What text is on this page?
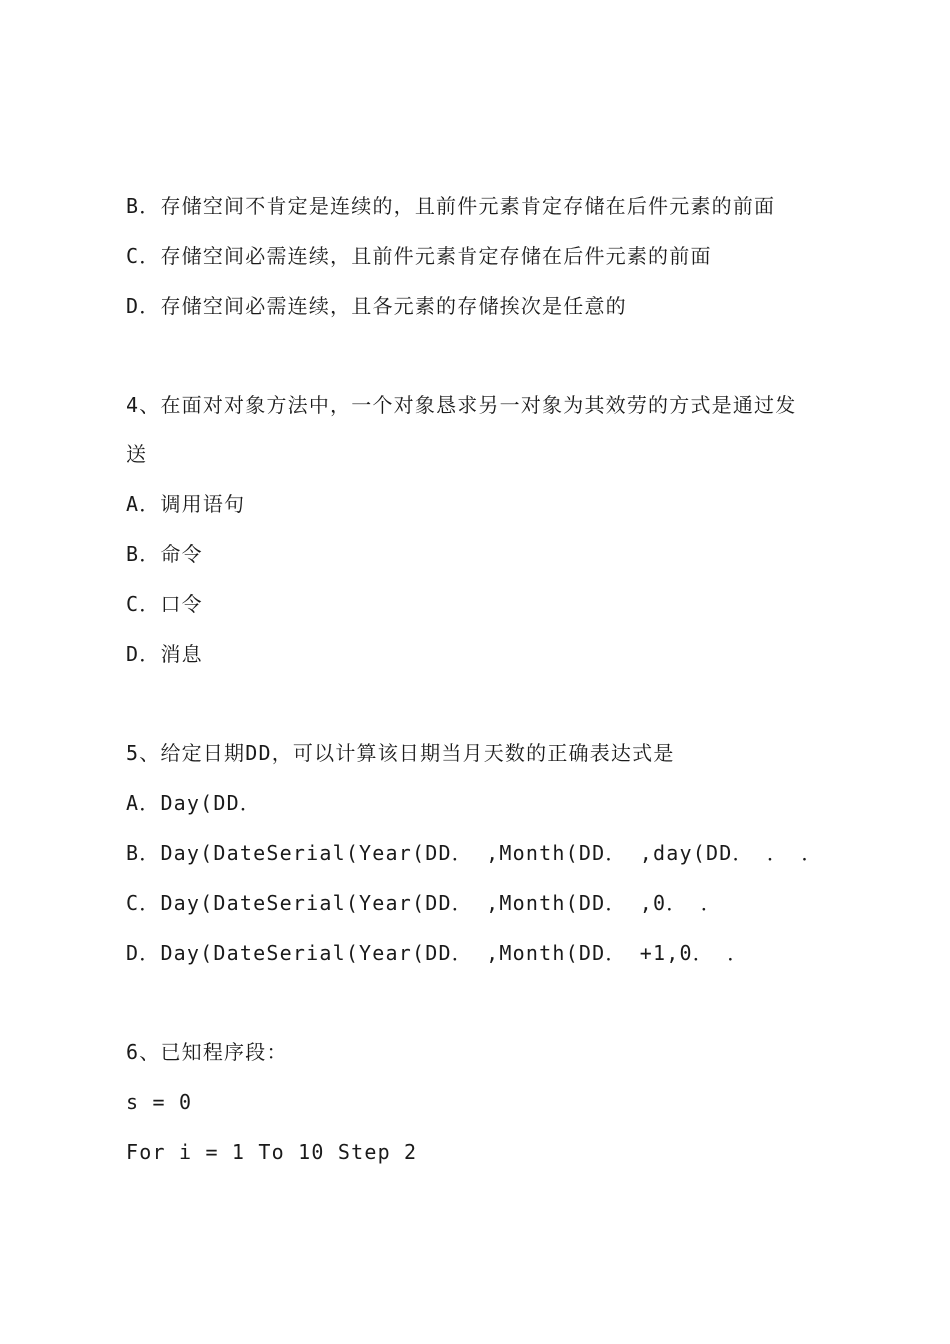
B．存储空间不肯定是连续的，且前件元素肯定存储在后件元素的前面
C．存储空间必需连续，且前件元素肯定存储在后件元素的前面
D．存储空间必需连续，且各元素的存储挨次是任意的
4、在面对对象方法中，一个对象恳求另一对象为其效劳的方式是通过发
送
A．调用语句
B．命令
C．口令
D．消息
5、给定日期DD，可以计算该日期当月天数的正确表达式是
A．Day(DD．
B．Day(DateSerial(Year(DD． ,Month(DD． ,day(DD． ． ．
C．Day(DateSerial(Year(DD． ,Month(DD． ,0． ．
D．Day(DateSerial(Year(DD． ,Month(DD． +1,0． ．
6、已知程序段：
s = 0
For i = 1 To 10 Step 2
